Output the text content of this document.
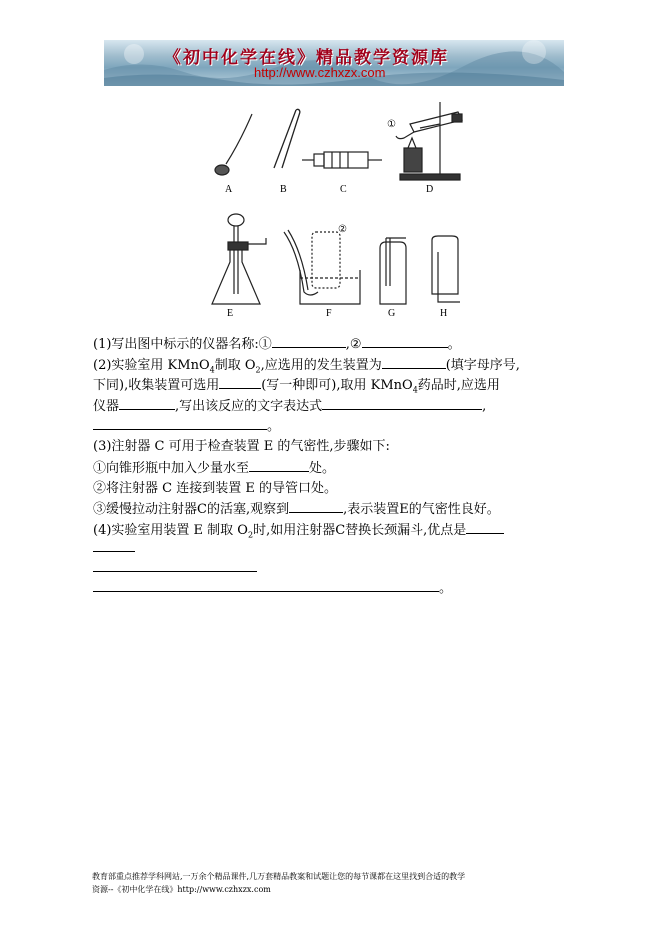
《初中化学在线》精品教学资源库
http://www.czhxzx.com
①
A	B	C	D
②
E	F	G	H
(1)写出图中标示的仪器名称:①	,②	。
(2)实验室用 KMnO$_4$制取 $O_2$,应选用的发生装置为	(填字母序号,
下同),收集装置可选用	(写一种即可),取用 KMnO$_4$药品时,应选用
仪器	,写出该反应的文字表达式	,
。
(3)注射器 C 可用于检查装置 E 的气密性,步骤如下:
①向锥形瓶中加入少量水至	处。
②将注射器 C 连接到装置 E 的导管口处。
③缓慢拉动注射器C的活塞,观察到	,表示装置E的气密性良好。
(4)实验室用装置 E 制取 $O_2$时,如用注射器C替换长颈漏斗,优点是
。
教育部重点推荐学科网站,一万余个精品课件,几万套精品教案和试题让您的每节课都在这里找到合适的教学
资源--《初中化学在线》http://www.czhxzx.com
